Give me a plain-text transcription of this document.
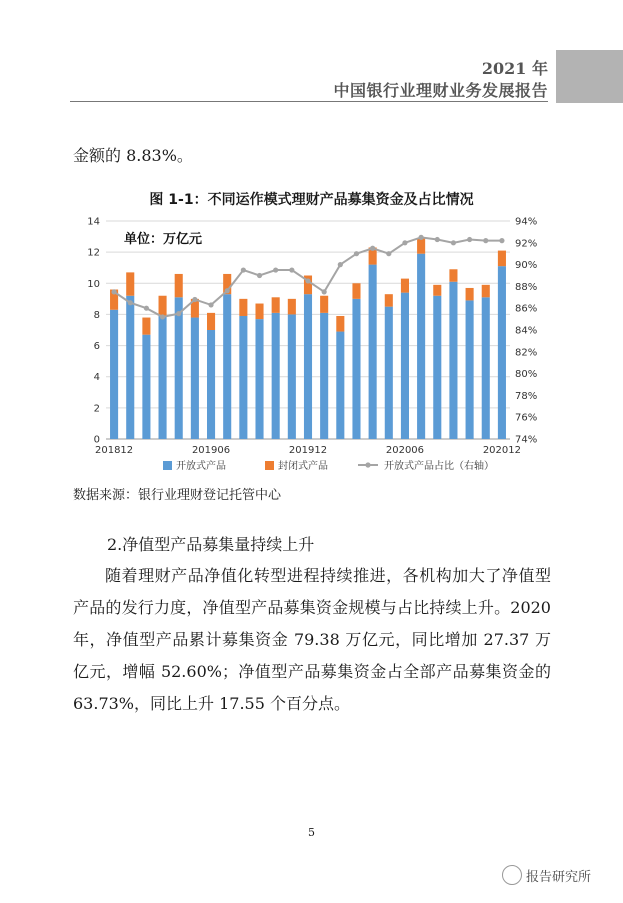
2021 年
中国银行业理财业务发展报告
金额的 8.83%。
图 1-1：不同运作模式理财产品募集资金及占比情况
0
2
4
6
8
10
12
14
74%
76%
78%
80%
82%
84%
86%
88%
90%
92%
94%
201812	201906	201912	202006	202012
单位：万亿元
开放式产品	封闭式产品	开放式产品占比（右轴）
数据来源：银行业理财登记托管中心
2.净值型产品募集量持续上升
随着理财产品净值化转型进程持续推进，各机构加大了净值型产品的发行力度，净值型产品募集资金规模与占比持续上升。2020 年，净值型产品累计募集资金 79.38 万亿元，同比增加 27.37 万亿元，增幅 52.60%；净值型产品募集资金占全部产品募集资金的 63.73%，同比上升 17.55 个百分点。
5
报告研究所
